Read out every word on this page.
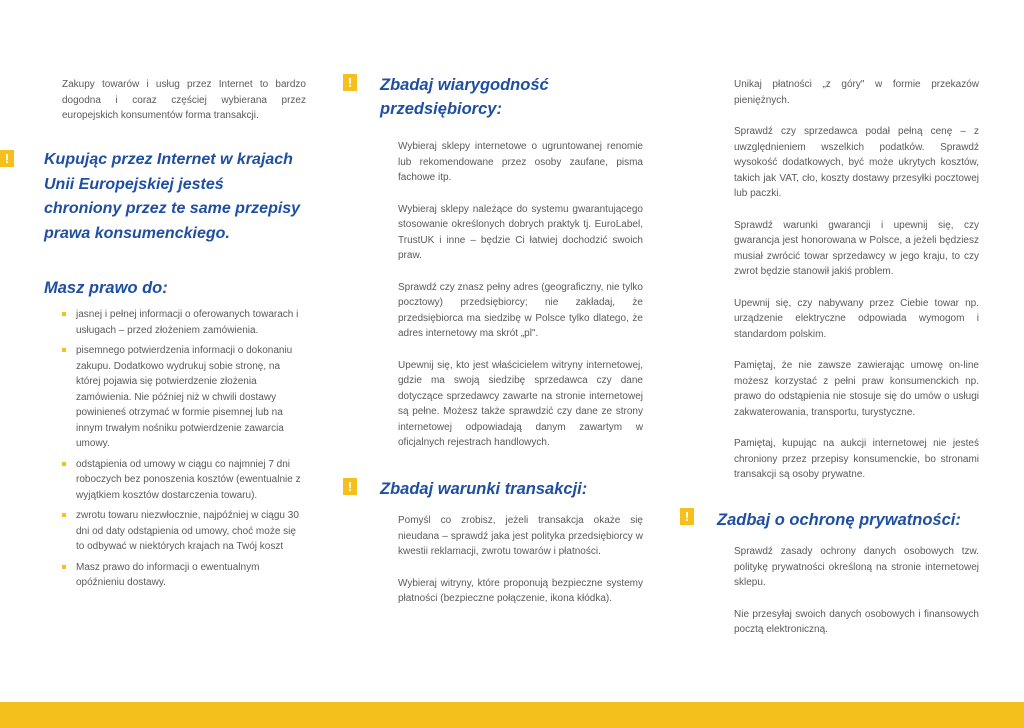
Zakupy towarów i usług przez Internet to bardzo dogodna i coraz częściej wybierana przez europejskich konsumentów forma transakcji.

!	Kupując przez Internet w krajach Unii Europejskiej jesteś chroniony przez te same przepisy prawa konsumenckiego.
Masz prawo do:
jasnej i pełnej informacji o oferowanych towarach i usługach – przed złożeniem zamówienia.
pisemnego potwierdzenia informacji o dokonaniu zakupu. Dodatkowo wydrukuj sobie stronę, na której pojawia się potwierdzenie złożenia zamówienia. Nie później niż w chwili dostawy powinieneś otrzymać w formie pisemnej lub na innym trwałym nośniku potwierdzenie zawarcia umowy.
odstąpienia od umowy w ciągu co najmniej 7 dni roboczych bez ponoszenia kosztów (ewentualnie z wyjątkiem kosztów dostarczenia towaru).
zwrotu towaru niezwłocznie, najpóźniej w ciągu 30 dni od daty odstąpienia od umowy, choć może się to odbywać w niektórych krajach na Twój koszt
Masz prawo do informacji o ewentualnym opóźnieniu dostawy.
! Zbadaj wiarygodność przedsiębiorcy:

Wybieraj sklepy internetowe o ugruntowanej renomie lub rekomendowane przez osoby zaufane, pisma fachowe itp.

Wybieraj sklepy należące do systemu gwarantującego stosowanie określonych dobrych praktyk tj. EuroLabel, TrustUK i inne – będzie Ci łatwiej dochodzić swoich praw.

Sprawdź czy znasz pełny adres (geograficzny, nie tylko pocztowy) przedsiębiorcy; nie zakładaj, że przedsiębiorca ma siedzibę w Polsce tylko dlatego, że adres internetowy ma skrót „pl".

Upewnij się, kto jest właścicielem witryny internetowej, gdzie ma swoją siedzibę sprzedawca czy dane dotyczące sprzedawcy zawarte na stronie internetowej są pełne. Możesz także sprawdzić czy dane ze strony internetowej odpowiadają danym zawartym w oficjalnych rejestrach handlowych.

! Zbadaj warunki transakcji:

Pomyśl co zrobisz, jeżeli transakcja okaże się nieudana – sprawdź jaka jest polityka przedsiębiorcy w kwestii reklamacji, zwrotu towarów i płatności.

Wybieraj witryny, które proponują bezpieczne systemy płatności (bezpieczne połączenie, ikona kłódka).

Unikaj płatności „z góry" w formie przekazów pieniężnych.

Sprawdź czy sprzedawca podał pełną cenę – z uwzględnieniem wszelkich podatków. Sprawdź wysokość dodatkowych, być może ukrytych kosztów, takich jak VAT, cło, koszty dostawy przesyłki pocztowej lub paczki.

Sprawdź warunki gwarancji i upewnij się, czy gwarancja jest honorowana w Polsce, a jeżeli będziesz musiał zwrócić towar sprzedawcy w jego kraju, to czy zwrot będzie stanowił jakiś problem.

Upewnij się, czy nabywany przez Ciebie towar np. urządzenie elektryczne odpowiada wymogom i standardom polskim.

Pamiętaj, że nie zawsze zawierając umowę on-line możesz korzystać z pełni praw konsumenckich np. prawo do odstąpienia nie stosuje się do umów o usługi zakwaterowania, transportu, turystyczne.

Pamiętaj, kupując na aukcji internetowej nie jesteś chroniony przez przepisy konsumenckie, bo stronami transakcji są osoby prywatne.

! Zadbaj o ochronę prywatności:

Sprawdź zasady ochrony danych osobowych tzw. politykę prywatności określoną na stronie internetowej sklepu.

Nie przesyłaj swoich danych osobowych i finansowych pocztą elektroniczną.
